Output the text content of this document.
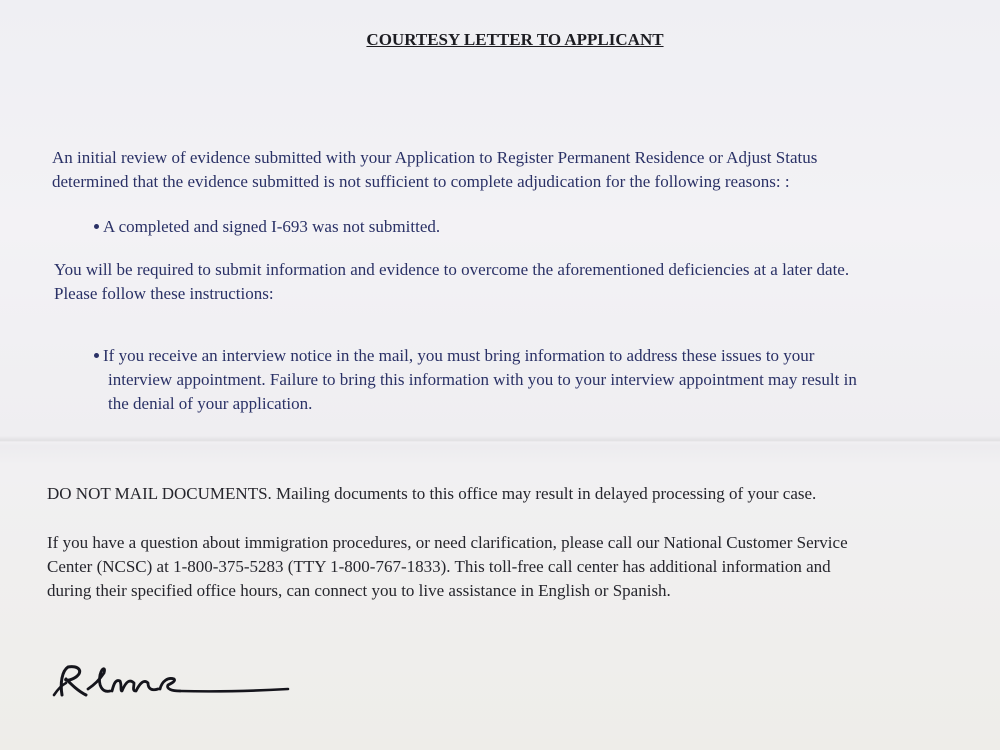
COURTESY LETTER TO APPLICANT
An initial review of evidence submitted with your Application to Register Permanent Residence or Adjust Status
determined that the evidence submitted is not sufficient to complete adjudication for the following reasons: :
A completed and signed I-693 was not submitted.
You will be required to submit information and evidence to overcome the aforementioned deficiencies at a later date.
Please follow these instructions:
If you receive an interview notice in the mail, you must bring information to address these issues to your
interview appointment. Failure to bring this information with you to your interview appointment may result in
the denial of your application.
DO NOT MAIL DOCUMENTS. Mailing documents to this office may result in delayed processing of your case.
If you have a question about immigration procedures, or need clarification, please call our National Customer Service
Center (NCSC) at 1-800-375-5283 (TTY 1-800-767-1833). This toll-free call center has additional information and
during their specified office hours, can connect you to live assistance in English or Spanish.
